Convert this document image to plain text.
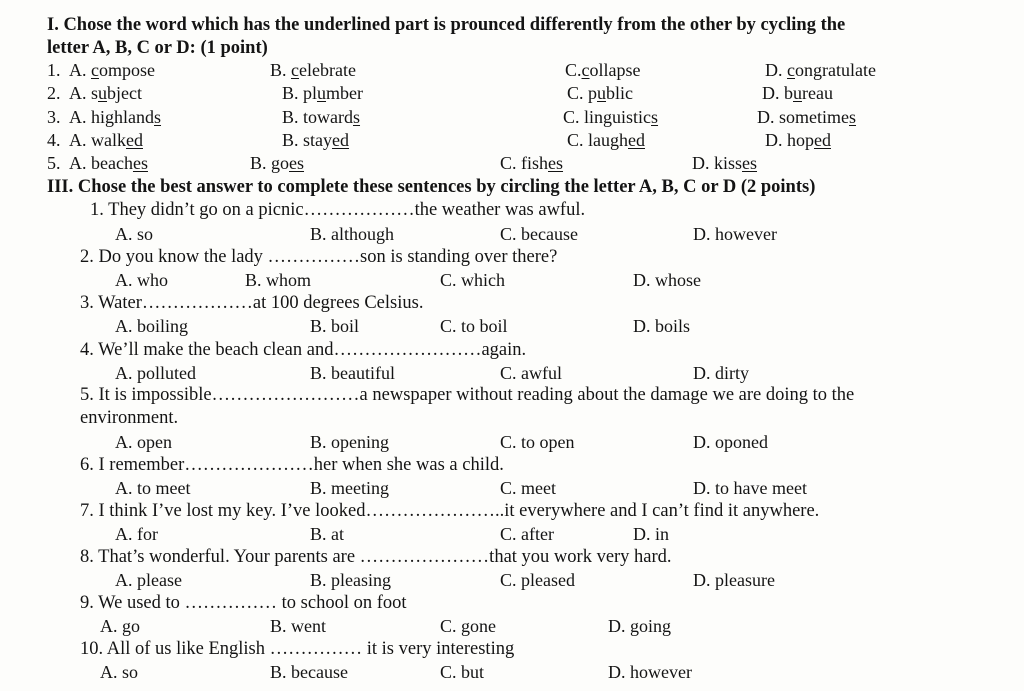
I. Chose the word which has the underlined part is prounced differently from the other by cycling the
letter A, B, C or D: (1 point)
1. A. compose	B. celebrate	C.collapse	D. congratulate
2. A. subject	B. plumber	C. public	D. bureau
3. A. highlands	B. towards	C. linguistics	D. sometimes
4. A. walked	B. stayed	C. laughed	D. hoped
5. A. beaches	B. goes	C. fishes	D. kisses
III. Chose the best answer to complete these sentences by circling the letter A, B, C or D (2 points)
1. They didn’t go on a picnic………………the weather was awful.
A. so	B. although	C. because	D. however
2. Do you know the lady ……………son is standing over there?
A. who	B. whom	C. which	D. whose
3. Water………………at 100 degrees Celsius.
A. boiling	B. boil	C. to boil	D. boils
4. We’ll make the beach clean and……………………again.
A. polluted	B. beautiful	C. awful	D. dirty
5. It is impossible……………………a newspaper without reading about the damage we are doing to the
environment.
A. open	B. opening	C. to open	D. oponed
6. I remember…………………her when she was a child.
A. to meet	B. meeting	C. meet	D. to have meet
7. I think I’ve lost my key. I’ve looked…………………..it everywhere and I can’t find it anywhere.
A. for	B. at	C. after	D. in
8. That’s wonderful. Your parents are …………………that you work very hard.
A. please	B. pleasing	C. pleased	D. pleasure
9. We used to …………… to school on foot
A. go	B. went	C. gone	D. going
10. All of us like English …………… it is very interesting
A. so	B. because	C. but	D. however
